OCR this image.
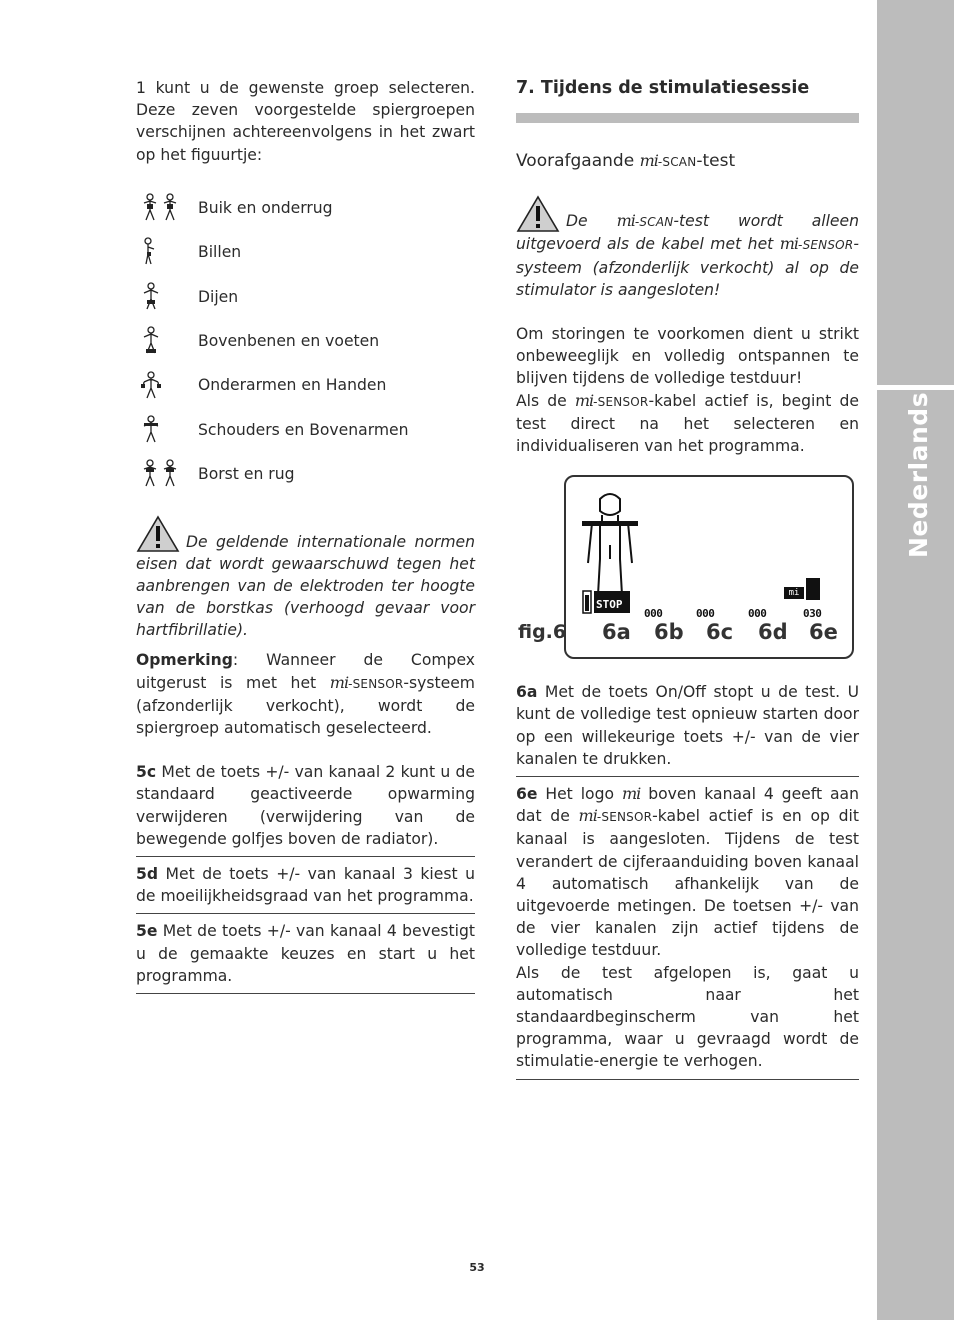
Nederlands

1 kunt u de gewenste groep selecteren. Deze zeven voorgestelde spiergroepen verschijnen achtereenvolgens in het zwart op het figuurtje:

Buik en onderrug
Billen
Dijen
Bovenbenen en voeten
Onderarmen en Handen
Schouders en Bovenarmen
Borst en rug

De geldende internationale normen eisen dat wordt gewaarschuwd tegen het aanbrengen van de elektroden ter hoogte van de borstkas (verhoogd gevaar voor hartfibrillatie).

Opmerking: Wanneer de Compex uitgerust is met het mi-SENSOR-systeem (afzonderlijk verkocht), wordt de spiergroep automatisch geselecteerd.

5c Met de toets +/- van kanaal 2 kunt u de standaard geactiveerde opwarming verwijderen (verwijdering van de bewegende golfjes boven de radiator).

5d Met de toets +/- van kanaal 3 kiest u de moeilijkheidsgraad van het programma.

5e Met de toets +/- van kanaal 4 bevestigt u de gemaakte keuzes en start u het programma.

7. Tijdens de stimulatiesessie
Voorafgaande mi-SCAN-test

De mi-SCAN-test wordt alleen uitgevoerd als de kabel met het mi-SENSOR-systeem (afzonderlijk verkocht) al op de stimulator is aangesloten!

Om storingen te voorkomen dient u strikt onbeweeglijk en volledig ontspannen te blijven tijdens de volledige testduur!

Als de mi-SENSOR-kabel actief is, begint de test direct na het selecteren en individualiseren van het programma.

STOP
000	000	000	030
mi
fig.6 6a 6b 6c 6d 6e

6a Met de toets On/Off stopt u de test. U kunt de volledige test opnieuw starten door op een willekeurige toets +/- van de vier kanalen te drukken.

6e Het logo mi boven kanaal 4 geeft aan dat de mi-SENSOR-kabel actief is en op dit kanaal is aangesloten. Tijdens de test verandert de cijferaanduiding boven kanaal 4 automatisch afhankelijk van de uitgevoerde metingen. De toetsen +/- van de vier kanalen zijn actief tijdens de volledige testduur.

Als de test afgelopen is, gaat u automatisch naar het standaardbeginscherm van het programma, waar u gevraagd wordt de stimulatie-energie te verhogen.

53
